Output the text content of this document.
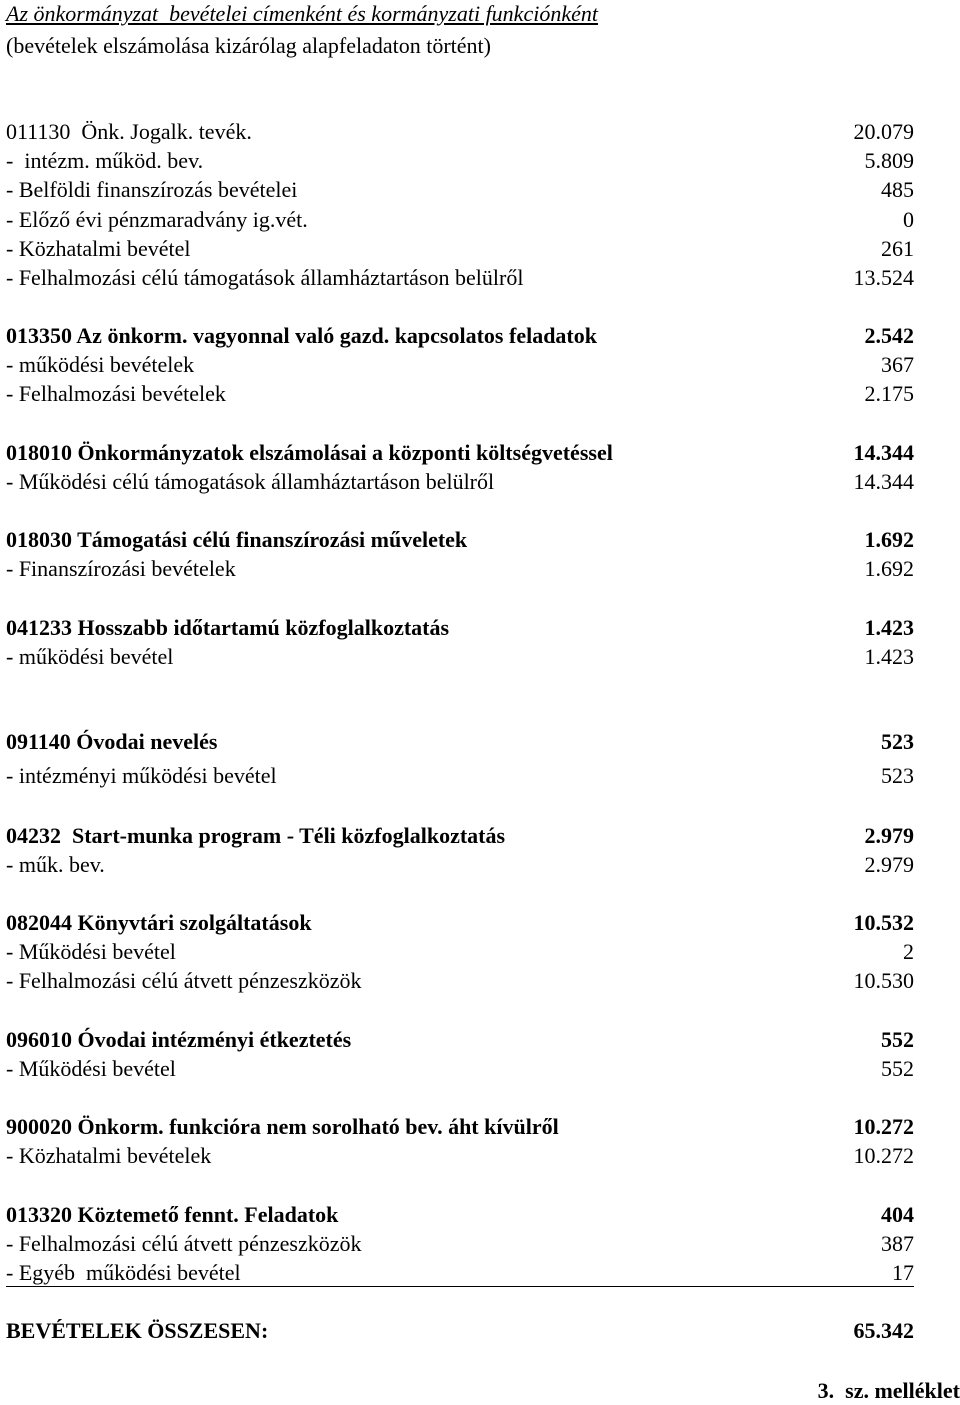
Az önkormányzat  bevételei címenként és kormányzati funkciónként
(bevételek elszámolása kizárólag alapfeladaton történt)
011130  Önk. Jogalk. tevék.	20.079
-  intézm. működ. bev.	5.809
- Belföldi finanszírozás bevételei	485
- Előző évi pénzmaradvány ig.vét.	0
- Közhatalmi bevétel	261
- Felhalmozási célú támogatások államháztartáson belülről	13.524
013350 Az önkorm. vagyonnal való gazd. kapcsolatos feladatok	2.542
- működési bevételek	367
- Felhalmozási bevételek	2.175
018010 Önkormányzatok elszámolásai a központi költségvetéssel	14.344
- Működési célú támogatások államháztartáson belülről	14.344
018030 Támogatási célú finanszírozási műveletek	1.692
- Finanszírozási bevételek	1.692
041233 Hosszabb időtartamú közfoglalkoztatás	1.423
- működési bevétel	1.423
091140 Óvodai nevelés	523
- intézményi működési bevétel	523
04232  Start-munka program - Téli közfoglalkoztatás	2.979
- műk. bev.	2.979
082044 Könyvtári szolgáltatások	10.532
- Működési bevétel	2
- Felhalmozási célú átvett pénzeszközök	10.530
096010 Óvodai intézményi étkeztetés	552
- Működési bevétel	552
900020 Önkorm. funkcióra nem sorolható bev. áht kívülről	10.272
- Közhatalmi bevételek	10.272
013320 Köztemető fennt. Feladatok	404
- Felhalmozási célú átvett pénzeszközök	387
- Egyéb  működési bevétel	17
BEVÉTELEK ÖSSZESEN:	65.342
3.  sz. melléklet
